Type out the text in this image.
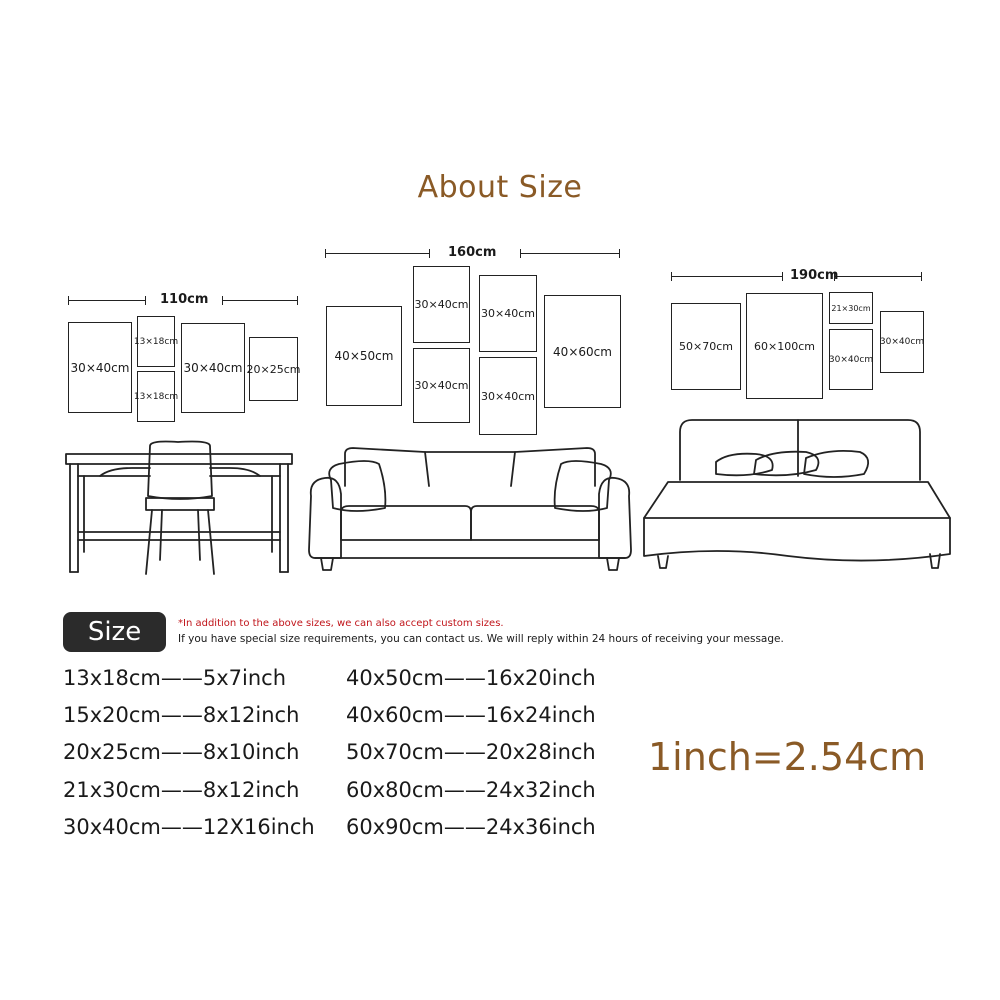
About Size
110cm
30×40cm
13×18cm
13×18cm
30×40cm 20×25cm
160cm
40×50cm
30×40cm
30×40cm
30×40cm
30×40cm
40×60cm
190cm
50×70cm 60×100cm
21×30cm
30×40cm
30×40cm
Size	*In addition to the above sizes, we can also accept custom sizes.
If you have special size requirements, you can contact us. We will reply within 24 hours of receiving your message.
13x18cm——5x7inch
15x20cm——8x12inch
20x25cm——8x10inch
21x30cm——8x12inch
30x40cm——12X16inch
40x50cm——16x20inch
40x60cm——16x24inch
50x70cm——20x28inch
60x80cm——24x32inch
60x90cm——24x36inch
1inch=2.54cm
